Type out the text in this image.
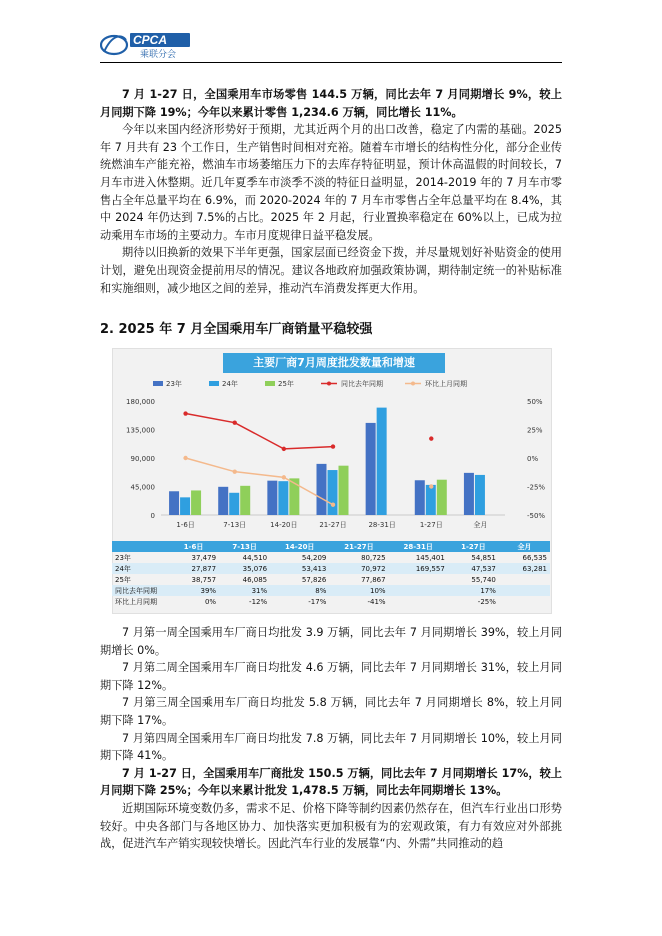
CPCA
乘联分会

7 月 1-27 日，全国乘用车市场零售 144.5 万辆，同比去年 7 月同期增长 9%，较上月同期下降 19%；今年以来累计零售 1,234.6 万辆，同比增长 11%。

今年以来国内经济形势好于预期，尤其近两个月的出口改善，稳定了内需的基础。2025 年 7 月共有 23 个工作日，生产销售时间相对充裕。随着车市增长的结构性分化，部分企业传统燃油车产能充裕，燃油车市场萎缩压力下的去库存特征明显，预计休高温假的时间较长，7 月车市进入休整期。近几年夏季车市淡季不淡的特征日益明显，2014-2019 年的 7 月车市零售占全年总量平均在 6.9%，而 2020-2024 年的 7 月车市零售占全年总量平均在 8.4%，其中 2024 年仍达到 7.5%的占比。2025 年 2 月起，行业置换率稳定在 60%以上，已成为拉动乘用车市场的主要动力。车市月度规律日益平稳发展。

期待以旧换新的效果下半年更强，国家层面已经资金下拨，并尽量规划好补贴资金的使用计划，避免出现资金提前用尽的情况。建议各地政府加强政策协调，期待制定统一的补贴标准和实施细则，减少地区之间的差异，推动汽车消费发挥更大作用。

2. 2025 年 7 月全国乘用车厂商销量平稳较强
主要厂商7月周度批发数量和增速
23年	24年	25年	同比去年同期	环比上月同期
180,000
135,000
90,000
45,000
0
50%
25%
0%
-25%
-50%
1-6日	7-13日	14-20日	21-27日	28-31日	1-27日	全月
	1-6日	7-13日	14-20日	21-27日	28-31日	1-27日	全月
23年	37,479	44,510	54,209	80,725	145,401	54,851	66,535
24年	27,877	35,076	53,413	70,972	169,557	47,537	63,281
25年	38,757	46,085	57,826	77,867		55,740	
同比去年同期	39%	31%	8%	10%		17%	
环比上月同期	0%	-12%	-17%	-41%		-25%	

7 月第一周全国乘用车厂商日均批发 3.9 万辆，同比去年 7 月同期增长 39%，较上月同期增长 0%。

7 月第二周全国乘用车厂商日均批发 4.6 万辆，同比去年 7 月同期增长 31%，较上月同期下降 12%。

7 月第三周全国乘用车厂商日均批发 5.8 万辆，同比去年 7 月同期增长 8%，较上月同期下降 17%。

7 月第四周全国乘用车厂商日均批发 7.8 万辆，同比去年 7 月同期增长 10%，较上月同期下降 41%。

7 月 1-27 日，全国乘用车厂商批发 150.5 万辆，同比去年 7 月同期增长 17%，较上月同期下降 25%；今年以来累计批发 1,478.5 万辆，同比去年同期增长 13%。

近期国际环境变数仍多，需求不足、价格下降等制约因素仍然存在，但汽车行业出口形势较好。中央各部门与各地区协力、加快落实更加积极有为的宏观政策，有力有效应对外部挑战，促进汽车产销实现较快增长。因此汽车行业的发展靠“内、外需”共同推动的趋
